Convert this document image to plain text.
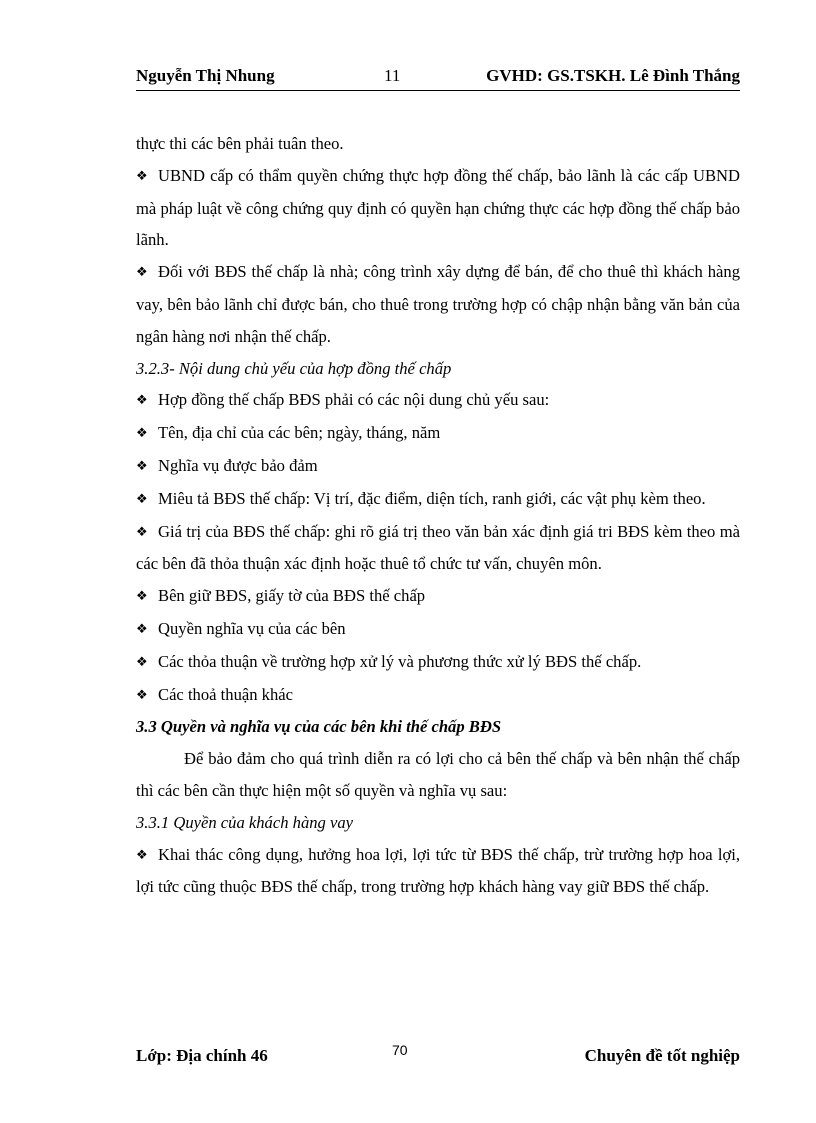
Nguyễn Thị Nhung	11	GVHD: GS.TSKH. Lê Đình Thắng

thực thi các bên phải tuân theo.

❖ UBND cấp có thẩm quyền chứng thực hợp đồng thế chấp, bảo lãnh là các cấp UBND mà pháp luật về công chứng quy định có quyền hạn chứng thực các hợp đồng thế chấp bảo lãnh.

❖ Đối với BĐS thế chấp là nhà; công trình xây dựng để bán, để cho thuê thì khách hàng vay, bên bảo lãnh chỉ được bán, cho thuê trong trường hợp có chập nhận bằng văn bản của ngân hàng nơi nhận thế chấp.

3.2.3- Nội dung chủ yếu của hợp đồng thế chấp

❖ Hợp đồng thế chấp BĐS phải có các nội dung chủ yếu sau:

❖ Tên, địa chỉ của các bên; ngày, tháng, năm

❖ Nghĩa vụ được bảo đảm

❖ Miêu tả BĐS thế chấp: Vị trí, đặc điểm, diện tích, ranh giới, các vật phụ kèm theo.

❖ Giá trị của BĐS thế chấp: ghi rõ giá trị theo văn bản xác định giá tri BĐS kèm theo mà các bên đã thỏa thuận xác định hoặc thuê tổ chức tư vấn, chuyên môn.

❖ Bên giữ BĐS, giấy tờ của BĐS thế chấp

❖ Quyền nghĩa vụ của các bên

❖ Các thỏa thuận về trường hợp xử lý và phương thức xử lý BĐS thế chấp.

❖ Các thoả thuận khác

3.3 Quyền và nghĩa vụ của các bên khi thế chấp BĐS

Để bảo đảm cho quá trình diễn ra có lợi cho cả bên thế chấp và bên nhận thế chấp thì các bên cần thực hiện một số quyền và nghĩa vụ sau:

3.3.1 Quyền của khách hàng vay

❖ Khai thác công dụng, hưởng hoa lợi, lợi tức từ BĐS thế chấp, trừ trường hợp hoa lợi, lợi tức cũng thuộc BĐS thế chấp, trong trường hợp khách hàng vay giữ BĐS thế chấp.

Lớp: Địa chính 46	70	Chuyên đề tốt nghiệp
